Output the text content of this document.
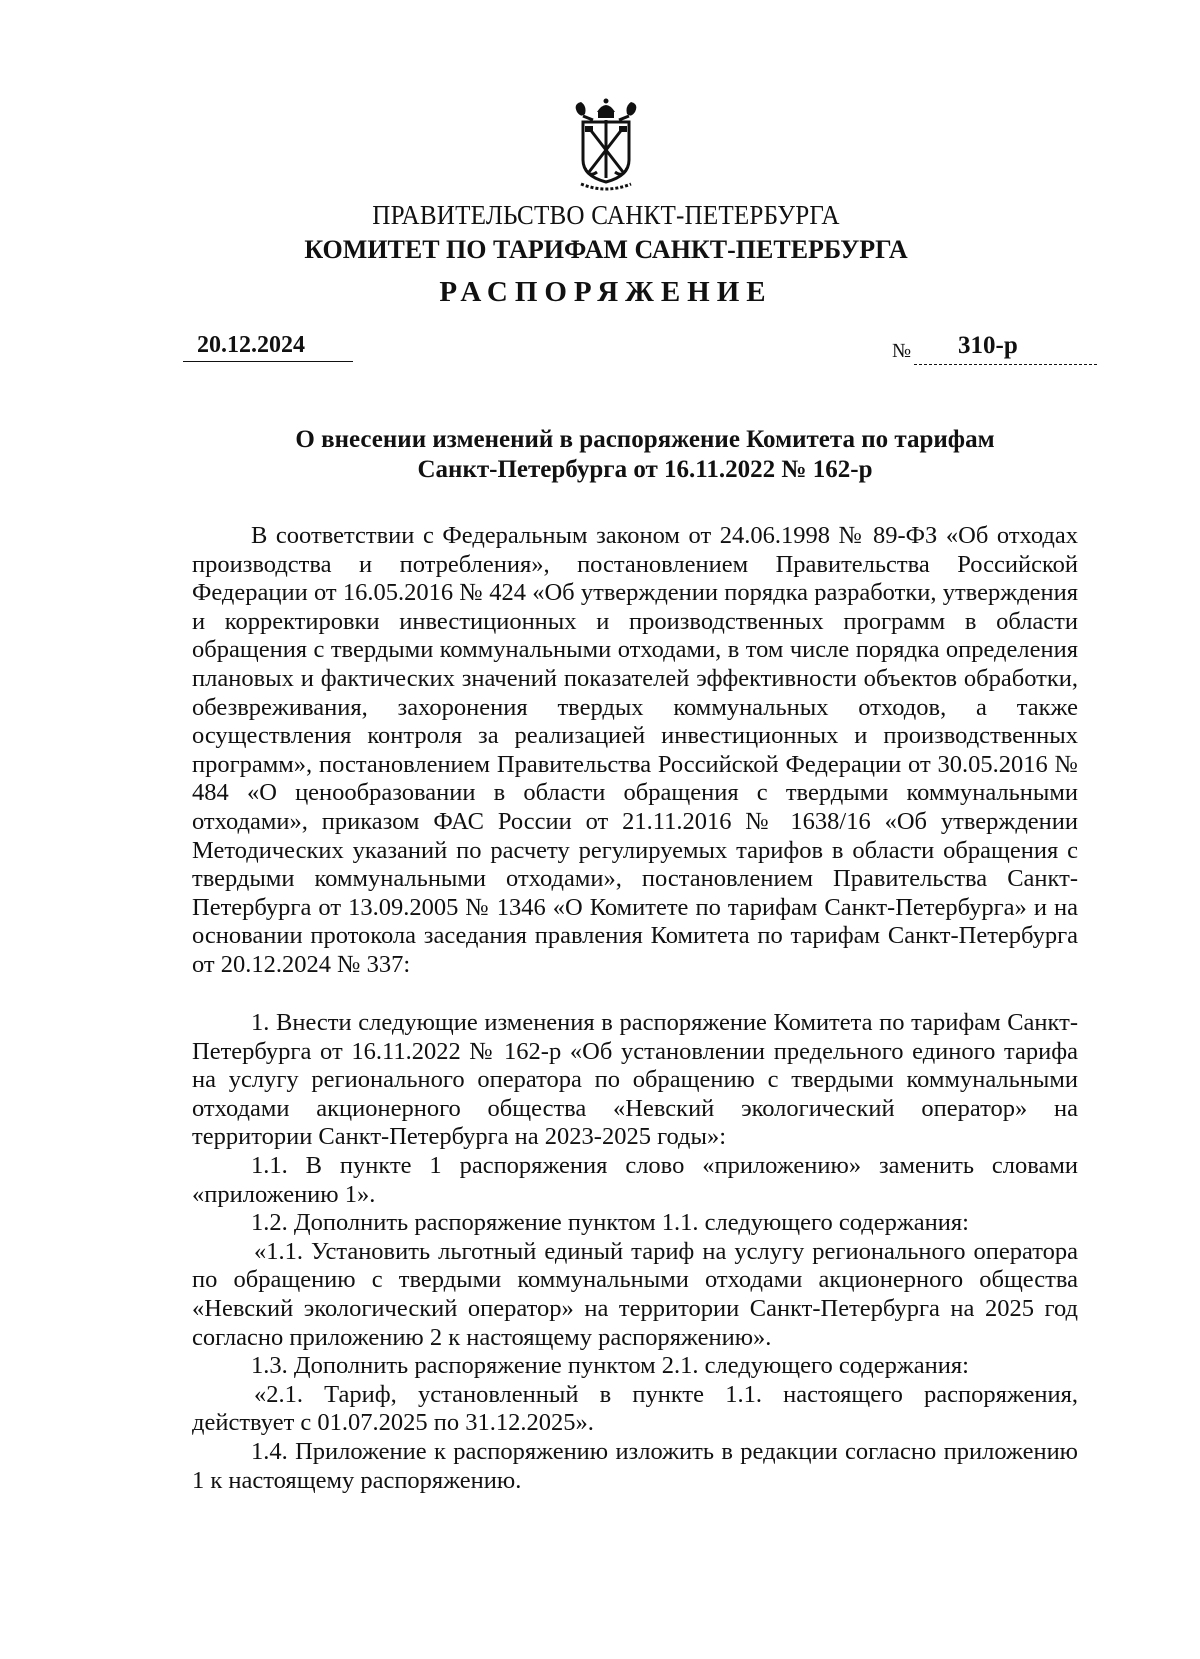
ПРАВИТЕЛЬСТВО САНКТ-ПЕТЕРБУРГА
КОМИТЕТ ПО ТАРИФАМ САНКТ-ПЕТЕРБУРГА
РАСПОРЯЖЕНИЕ
20.12.2024	№ 310-р
О внесении изменений в распоряжение Комитета по тарифам
Санкт-Петербурга от 16.11.2022 № 162-р

В соответствии с Федеральным законом от 24.06.1998 № 89-ФЗ «Об отходах производства и потребления», постановлением Правительства Российской Федерации от 16.05.2016 № 424 «Об утверждении порядка разработки, утверждения и корректировки инвестиционных и производственных программ в области обращения с твердыми коммунальными отходами, в том числе порядка определения плановых и фактических значений показателей эффективности объектов обработки, обезвреживания, захоронения твердых коммунальных отходов, а также осуществления контроля за реализацией инвестиционных и производственных программ», постановлением Правительства Российской Федерации от 30.05.2016 № 484 «О ценообразовании в области обращения с твердыми коммунальными отходами», приказом ФАС России от 21.11.2016 № 1638/16 «Об утверждении Методических указаний по расчету регулируемых тарифов в области обращения с твердыми коммунальными отходами», постановлением Правительства Санкт-Петербурга от 13.09.2005 № 1346 «О Комитете по тарифам Санкт-Петербурга» и на основании протокола заседания правления Комитета по тарифам Санкт-Петербурга от 20.12.2024 № 337:

1. Внести следующие изменения в распоряжение Комитета по тарифам Санкт-Петербурга от 16.11.2022 № 162-р «Об установлении предельного единого тарифа на услугу регионального оператора по обращению с твердыми коммунальными отходами акционерного общества «Невский экологический оператор» на территории Санкт-Петербурга на 2023-2025 годы»:

1.1. В пункте 1 распоряжения слово «приложению» заменить словами «приложению 1».

1.2. Дополнить распоряжение пунктом 1.1. следующего содержания:

«1.1. Установить льготный единый тариф на услугу регионального оператора по обращению с твердыми коммунальными отходами акционерного общества «Невский экологический оператор» на территории Санкт-Петербурга на 2025 год согласно приложению 2 к настоящему распоряжению».

1.3. Дополнить распоряжение пунктом 2.1. следующего содержания:

«2.1. Тариф, установленный в пункте 1.1. настоящего распоряжения, действует с 01.07.2025 по 31.12.2025».

1.4. Приложение к распоряжению изложить в редакции согласно приложению 1 к настоящему распоряжению.
